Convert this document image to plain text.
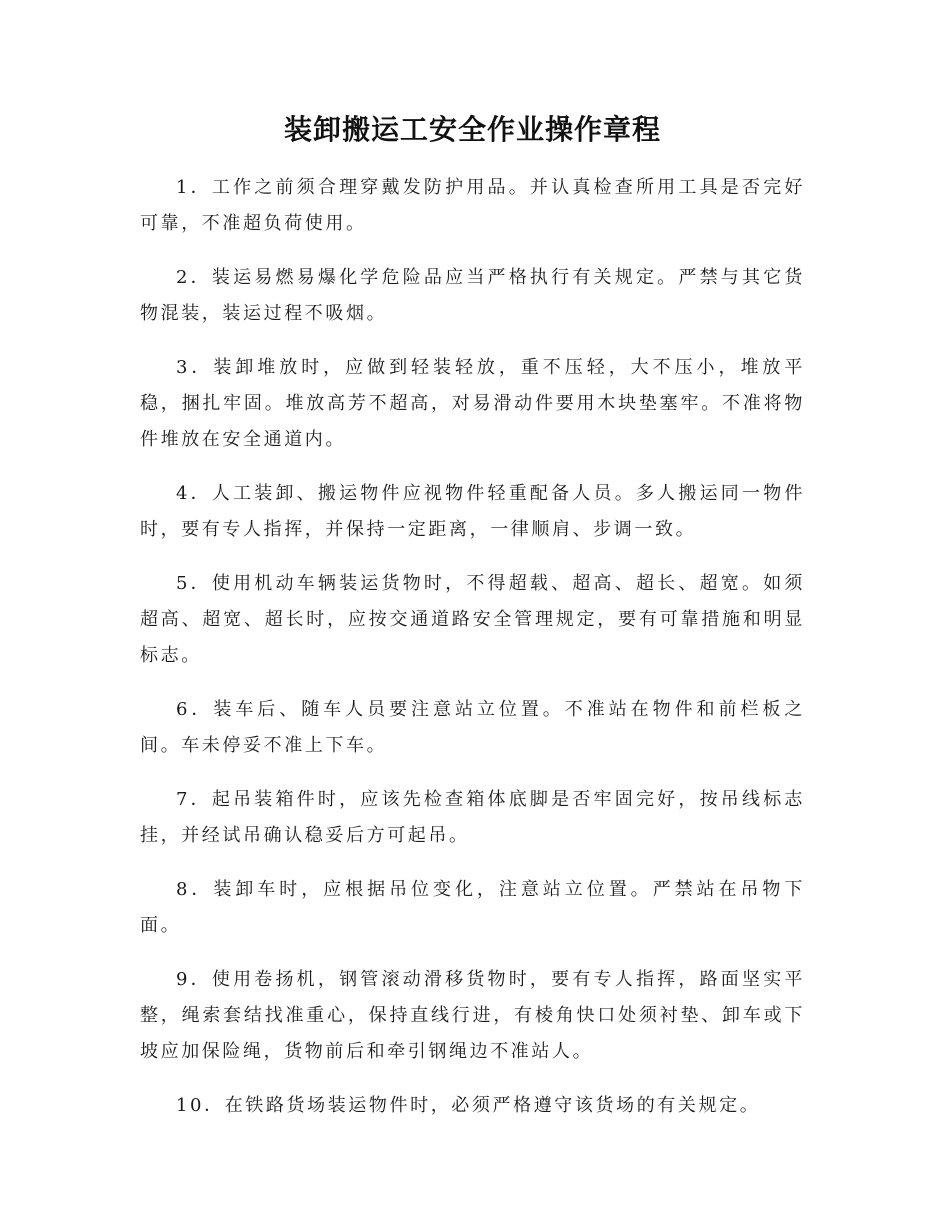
装卸搬运工安全作业操作章程

1．工作之前须合理穿戴发防护用品。并认真检查所用工具是否完好可靠，不准超负荷使用。

2．装运易燃易爆化学危险品应当严格执行有关规定。严禁与其它货物混装，装运过程不吸烟。

3．装卸堆放时，应做到轻装轻放，重不压轻，大不压小，堆放平稳，捆扎牢固。堆放高芳不超高，对易滑动件要用木块垫塞牢。不准将物件堆放在安全通道内。

4．人工装卸、搬运物件应视物件轻重配备人员。多人搬运同一物件时，要有专人指挥，并保持一定距离，一律顺肩、步调一致。

5．使用机动车辆装运货物时，不得超载、超高、超长、超宽。如须超高、超宽、超长时，应按交通道路安全管理规定，要有可靠措施和明显标志。

6．装车后、随车人员要注意站立位置。不准站在物件和前栏板之间。车未停妥不准上下车。

7．起吊装箱件时，应该先检查箱体底脚是否牢固完好，按吊线标志挂，并经试吊确认稳妥后方可起吊。

8．装卸车时，应根据吊位变化，注意站立位置。严禁站在吊物下面。

9．使用卷扬机，钢管滚动滑移货物时，要有专人指挥，路面坚实平整，绳索套结找准重心，保持直线行进，有棱角快口处须衬垫、卸车或下坡应加保险绳，货物前后和牵引钢绳边不准站人。

10．在铁路货场装运物件时，必须严格遵守该货场的有关规定。
